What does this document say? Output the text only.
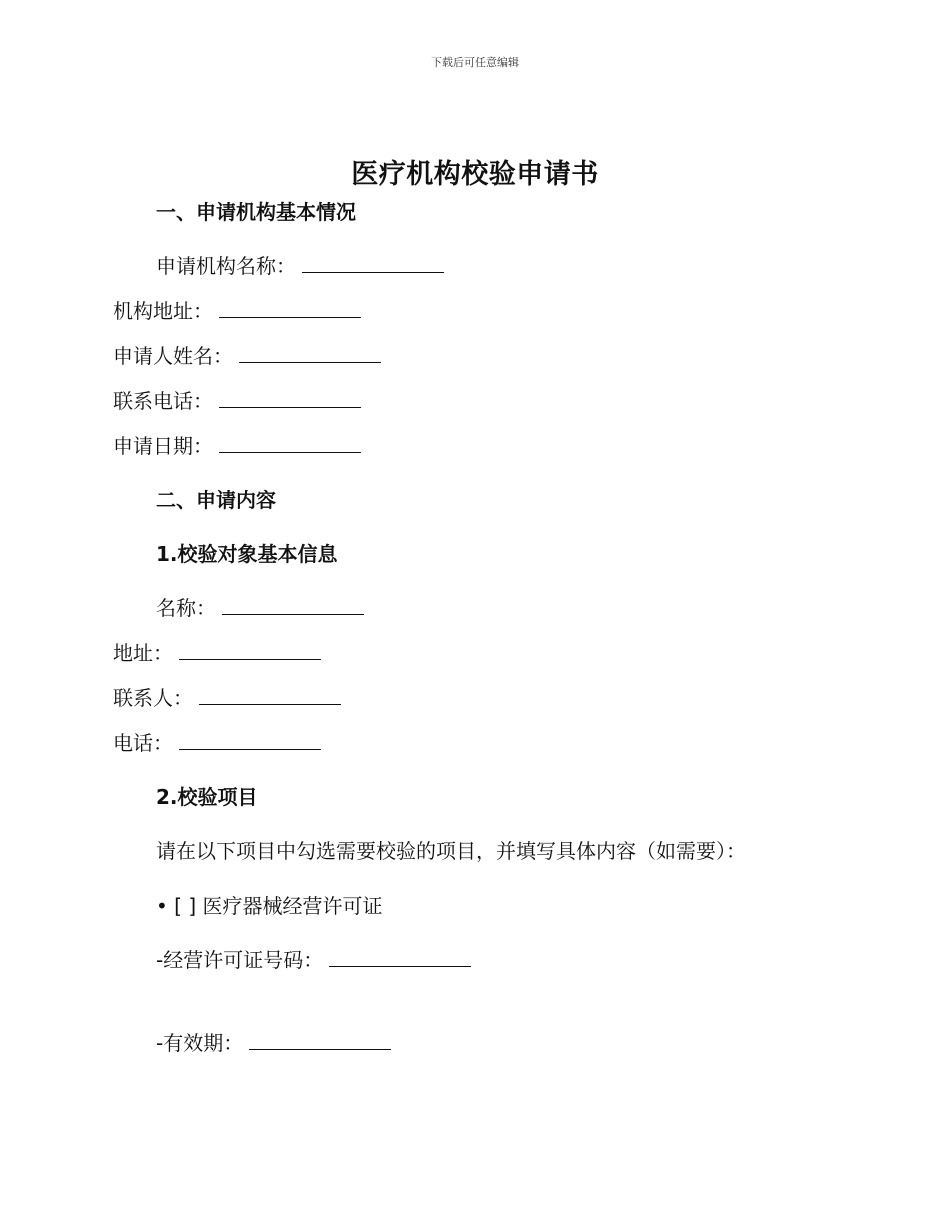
下载后可任意编辑
医疗机构校验申请书
一、申请机构基本情况
申请机构名称：
机构地址：
申请人姓名：
联系电话：
申请日期：
二、申请内容
1.校验对象基本信息
名称：
地址：
联系人：
电话：
2.校验项目
请在以下项目中勾选需要校验的项目，并填写具体内容（如需要）：
• [ ] 医疗器械经营许可证
-经营许可证号码：
-有效期：
